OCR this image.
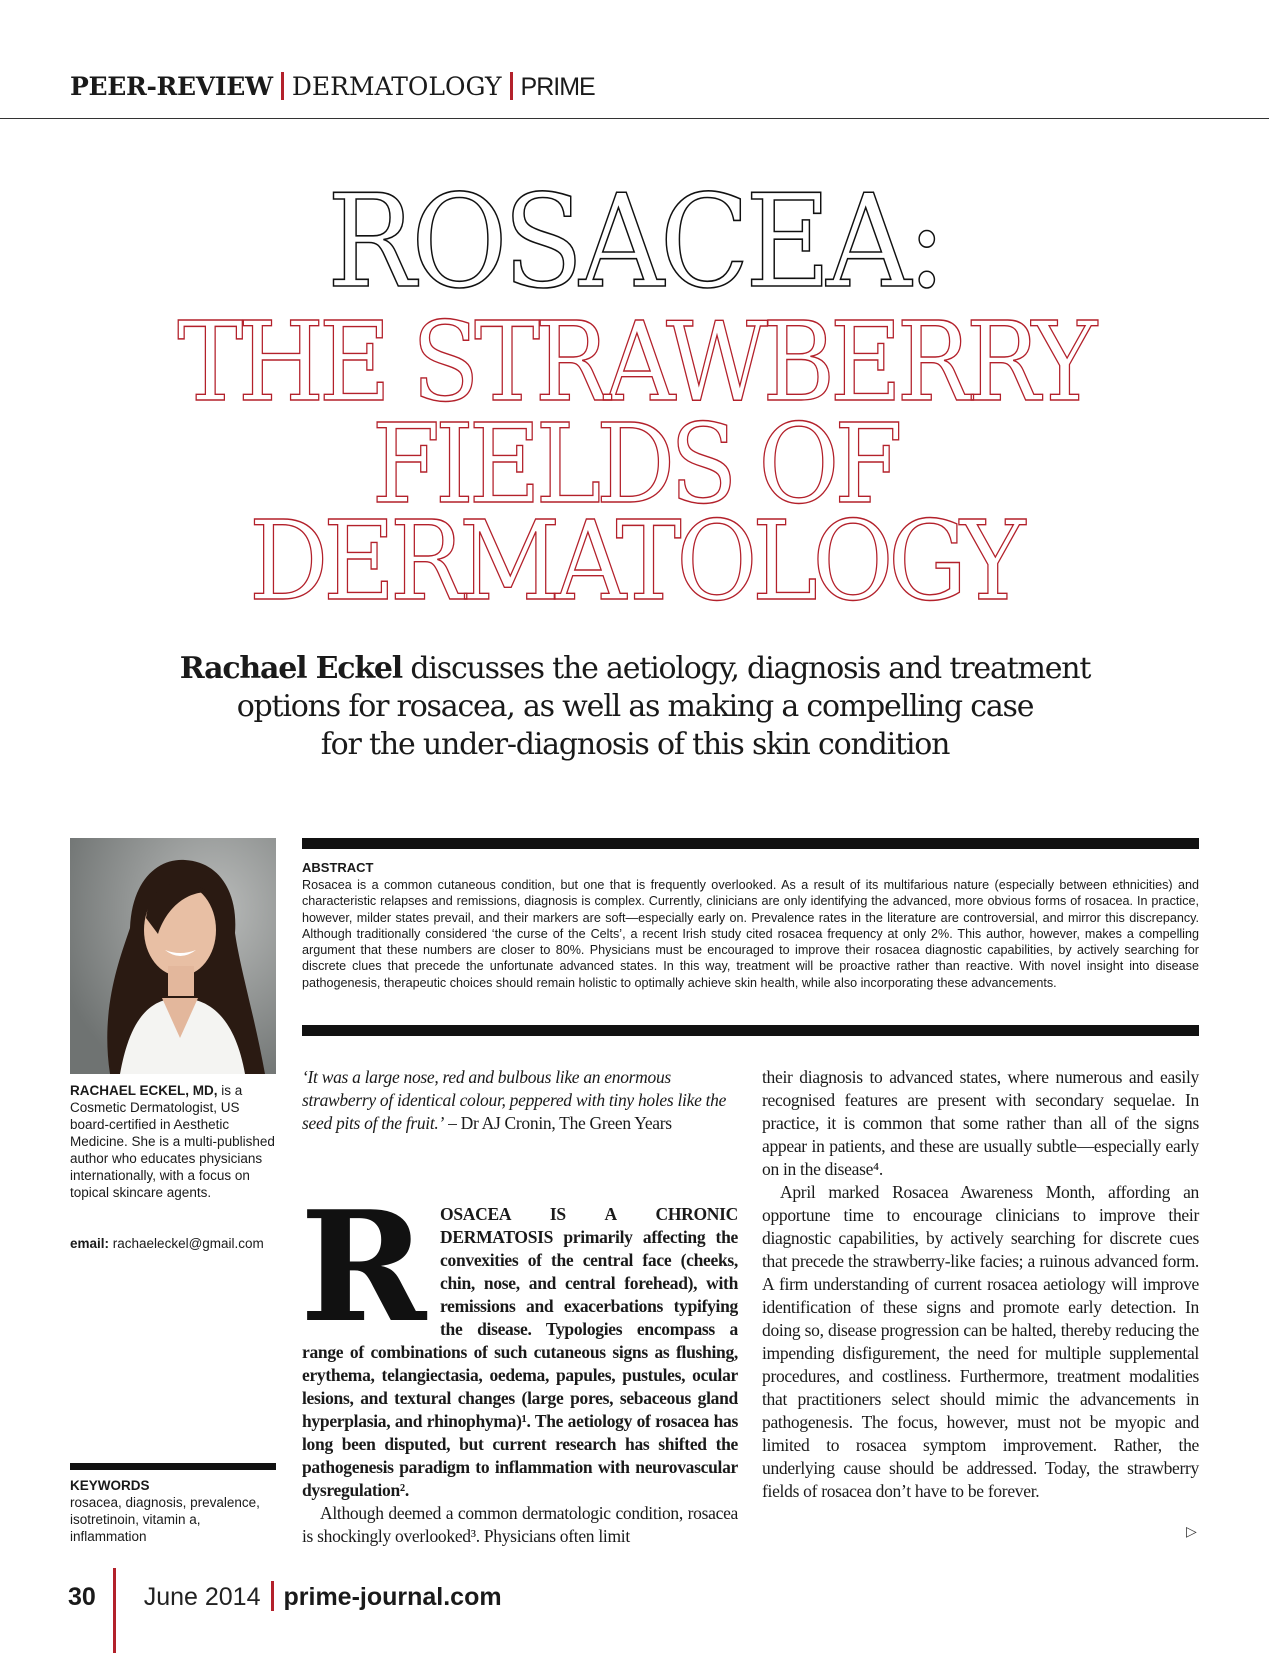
PEER-REVIEW DERMATOLOGY PRIME
ROSACEA:
THE STRAWBERRY
FIELDS OF
DERMATOLOGY
Rachael Eckel discusses the aetiology, diagnosis and treatment
options for rosacea, as well as making a compelling case
for the under-diagnosis of this skin condition
RACHAEL ECKEL, MD, is a Cosmetic Dermatologist, US board-certified in Aesthetic Medicine. She is a multi-published author who educates physicians internationally, with a focus on topical skincare agents.
email: rachaeleckel@gmail.com
KEYWORDS
rosacea, diagnosis, prevalence, isotretinoin, vitamin a, inflammation
ABSTRACT
Rosacea is a common cutaneous condition, but one that is frequently overlooked. As a result of its multifarious nature (especially between ethnicities) and characteristic relapses and remissions, diagnosis is complex. Currently, clinicians are only identifying the advanced, more obvious forms of rosacea. In practice, however, milder states prevail, and their markers are soft—especially early on. Prevalence rates in the literature are controversial, and mirror this discrepancy. Although traditionally considered ‘the curse of the Celts’, a recent Irish study cited rosacea frequency at only 2%. This author, however, makes a compelling argument that these numbers are closer to 80%. Physicians must be encouraged to improve their rosacea diagnostic capabilities, by actively searching for discrete clues that precede the unfortunate advanced states. In this way, treatment will be proactive rather than reactive. With novel insight into disease pathogenesis, therapeutic choices should remain holistic to optimally achieve skin health, while also incorporating these advancements.
‘It was a large nose, red and bulbous like an enormous strawberry of identical colour, peppered with tiny holes like the seed pits of the fruit.’ – Dr AJ Cronin, The Green Years
R OSACEA IS A CHRONIC DERMATOSIS primarily affecting the convexities of the central face (cheeks, chin, nose, and central forehead), with remissions and exacerbations typifying the disease. Typologies encompass a range of combinations of such cutaneous signs as flushing, erythema, telangiectasia, oedema, papules, pustules, ocular lesions, and textural changes (large pores, sebaceous gland hyperplasia, and rhinophyma)¹. The aetiology of rosacea has long been disputed, but current research has shifted the pathogenesis paradigm to inflammation with neurovascular dysregulation².

Although deemed a common dermatologic condition, rosacea is shockingly overlooked³. Physicians often limit

their diagnosis to advanced states, where numerous and easily recognised features are present with secondary sequelae. In practice, it is common that some rather than all of the signs appear in patients, and these are usually subtle—especially early on in the disease⁴.

April marked Rosacea Awareness Month, affording an opportune time to encourage clinicians to improve their diagnostic capabilities, by actively searching for discrete cues that precede the strawberry-like facies; a ruinous advanced form. A firm understanding of current rosacea aetiology will improve identification of these signs and promote early detection. In doing so, disease progression can be halted, thereby reducing the impending disfigurement, the need for multiple supplemental procedures, and costliness. Furthermore, treatment modalities that practitioners select should mimic the advancements in pathogenesis. The focus, however, must not be myopic and limited to rosacea symptom improvement. Rather, the underlying cause should be addressed. Today, the strawberry fields of rosacea don’t have to be forever.

▷
30 June 2014 prime-journal.com
